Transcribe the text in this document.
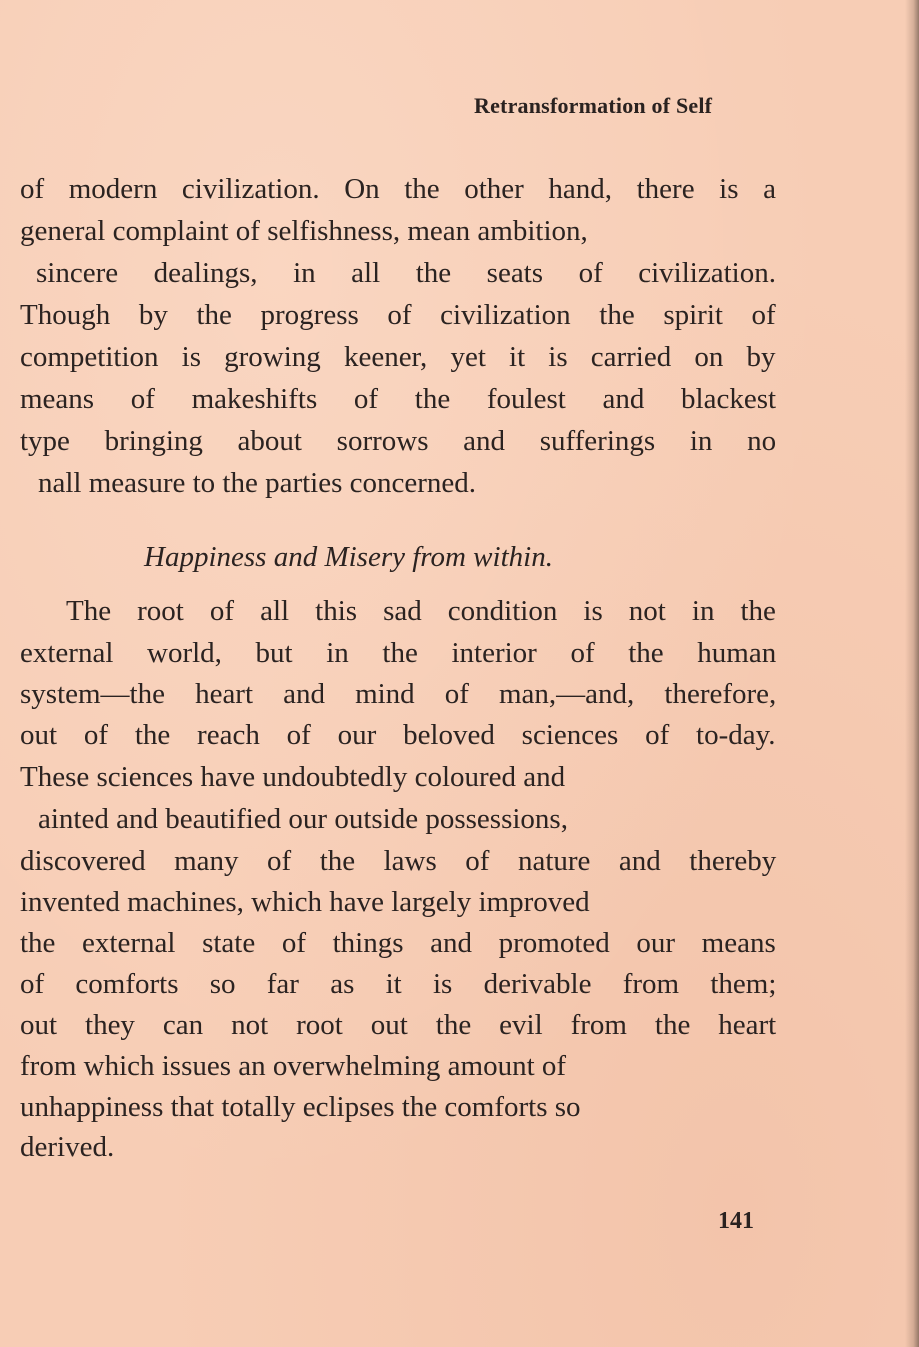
Retransformation of Self
of modern civilization. On the other hand, there is a
general complaint of selfishness, mean ambition,
sincere dealings, in all the seats of civilization.
Though by the progress of civilization the spirit of
competition is growing keener, yet it is carried on by
means of makeshifts of the foulest and blackest
type bringing about sorrows and sufferings in no
nall measure to the parties concerned.
Happiness and Misery from within.
The root of all this sad condition is not in the
external world, but in the interior of the human
system—the heart and mind of man,—and, therefore,
out of the reach of our beloved sciences of to-day.
These sciences have undoubtedly coloured and
ainted and beautified our outside possessions,
discovered many of the laws of nature and thereby
invented machines, which have largely improved
the external state of things and promoted our means
of comforts so far as it is derivable from them;
out they can not root out the evil from the heart
from which issues an overwhelming amount of
unhappiness that totally eclipses the comforts so
derived.
141
